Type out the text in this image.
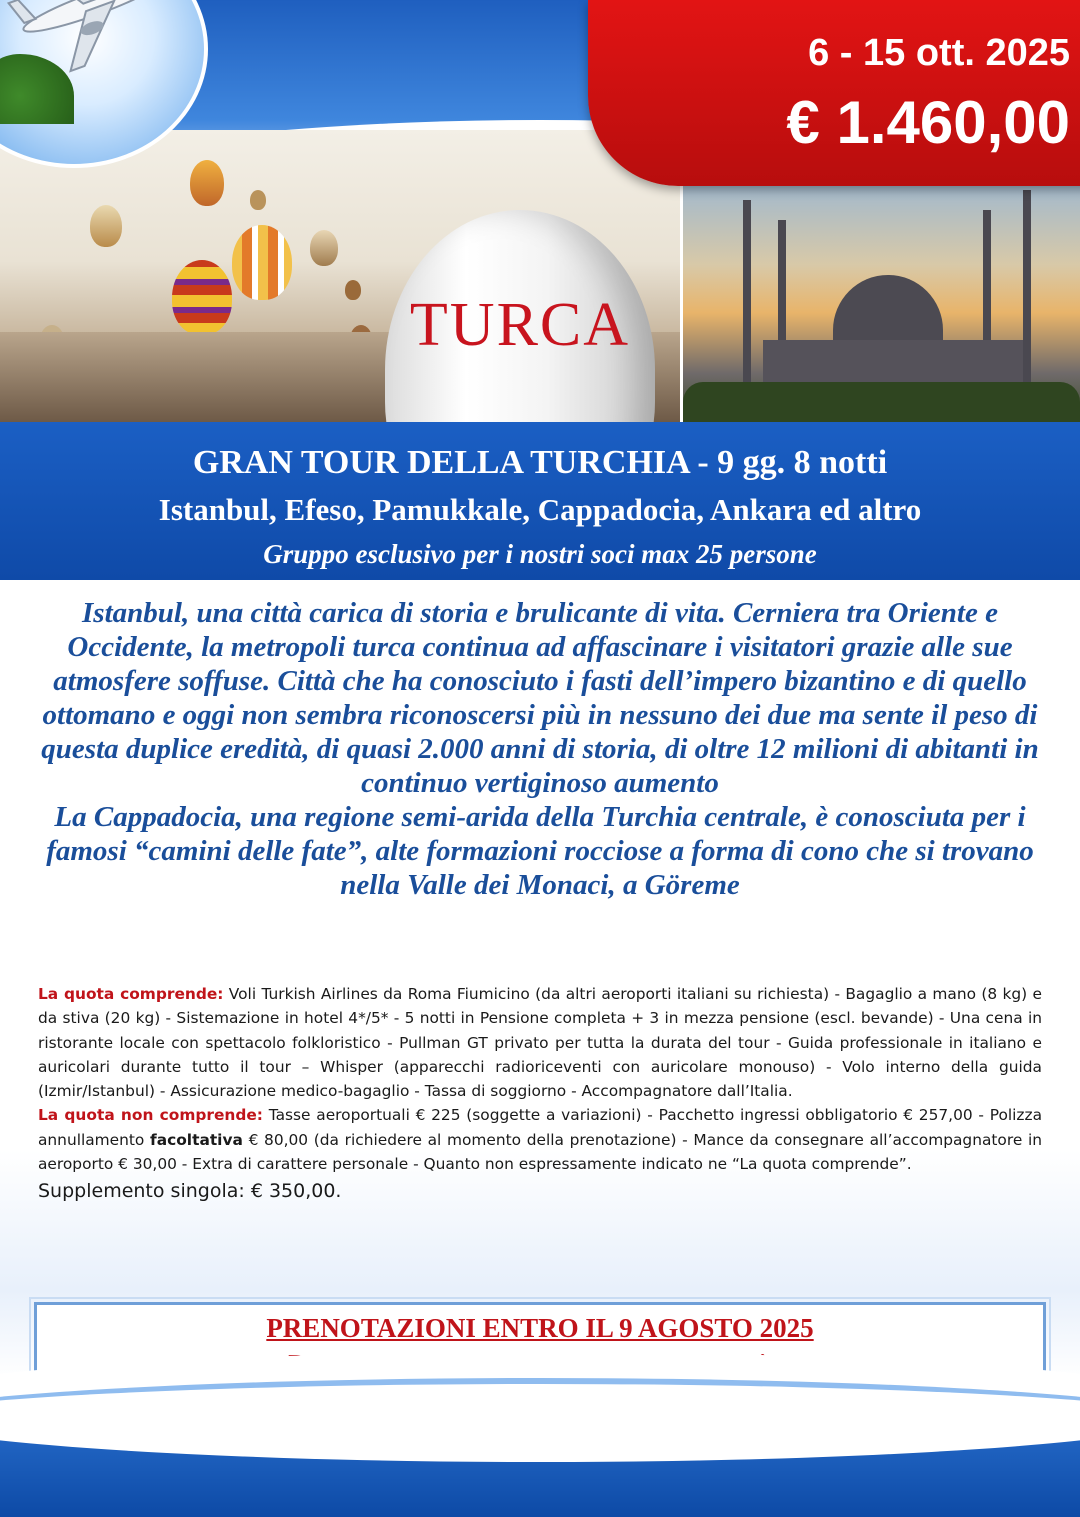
TURCA
6 - 15 ott. 2025
€ 1.460,00
GRAN TOUR DELLA TURCHIA - 9 gg. 8 notti
Istanbul, Efeso, Pamukkale, Cappadocia, Ankara ed altro
Gruppo esclusivo per i nostri soci max 25 persone

Istanbul, una città carica di storia e brulicante di vita. Cerniera tra Oriente e Occidente, la metropoli turca continua ad affascinare i visitatori grazie alle sue atmosfere soffuse. Città che ha conosciuto i fasti dell’impero bizantino e di quello ottomano e oggi non sembra riconoscersi più in nessuno dei due ma sente il peso di questa duplice eredità, di quasi 2.000 anni di storia, di oltre 12 milioni di abitanti in continuo vertiginoso aumento

La Cappadocia, una regione semi-arida della Turchia centrale, è conosciuta per i famosi “camini delle fate”, alte formazioni rocciose a forma di cono che si trovano nella Valle dei Monaci, a Göreme

La quota comprende: Voli Turkish Airlines da Roma Fiumicino (da altri aeroporti italiani su richiesta) - Bagaglio a mano (8 kg) e da stiva (20 kg) - Sistemazione in hotel 4*/5* - 5 notti in Pensione completa + 3 in mezza pensione (escl. bevande) - Una cena in ristorante locale con spettacolo folkloristico - Pullman GT privato per tutta la durata del tour - Guida professionale in italiano e auricolari durante tutto il tour – Whisper (apparecchi radioriceventi con auricolare monouso) - Volo interno della guida (Izmir/Istanbul) - Assicurazione medico-bagaglio - Tassa di soggiorno - Accompagnatore dall’Italia.

La quota non comprende: Tasse aeroportuali € 225 (soggette a variazioni) - Pacchetto ingressi obbligatorio € 257,00 - Polizza annullamento facoltativa € 80,00 (da richiedere al momento della prenotazione) - Mance da consegnare all’accompagnatore in aeroporto € 30,00 - Extra di carattere personale - Quanto non espressamente indicato ne “La quota comprende”.

Supplemento singola: € 350,00.

PRENOTAZIONI ENTRO IL 9 AGOSTO 2025
